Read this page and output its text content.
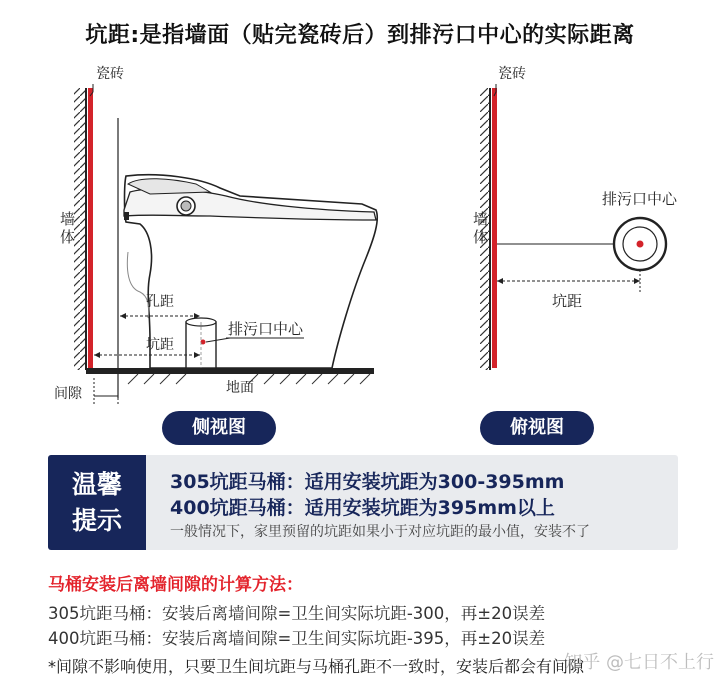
坑距:是指墙面（贴完瓷砖后）到排污口中心的实际距离
瓷砖
墙
体
地面
排污口中心
孔距
坑距
间隙
瓷砖
墙
体
排污口中心
坑距
侧视图	俯视图
温馨
提示
305坑距马桶：适用安装坑距为300-395mm
400坑距马桶：适用安装坑距为395mm以上
一般情况下，家里预留的坑距如果小于对应坑距的最小值，安装不了
马桶安装后离墙间隙的计算方法：
305坑距马桶：安装后离墙间隙=卫生间实际坑距-300，再±20误差
400坑距马桶：安装后离墙间隙=卫生间实际坑距-395，再±20误差
*间隙不影响使用，只要卫生间坑距与马桶孔距不一致时，安装后都会有间隙
知乎 @七日不上行
